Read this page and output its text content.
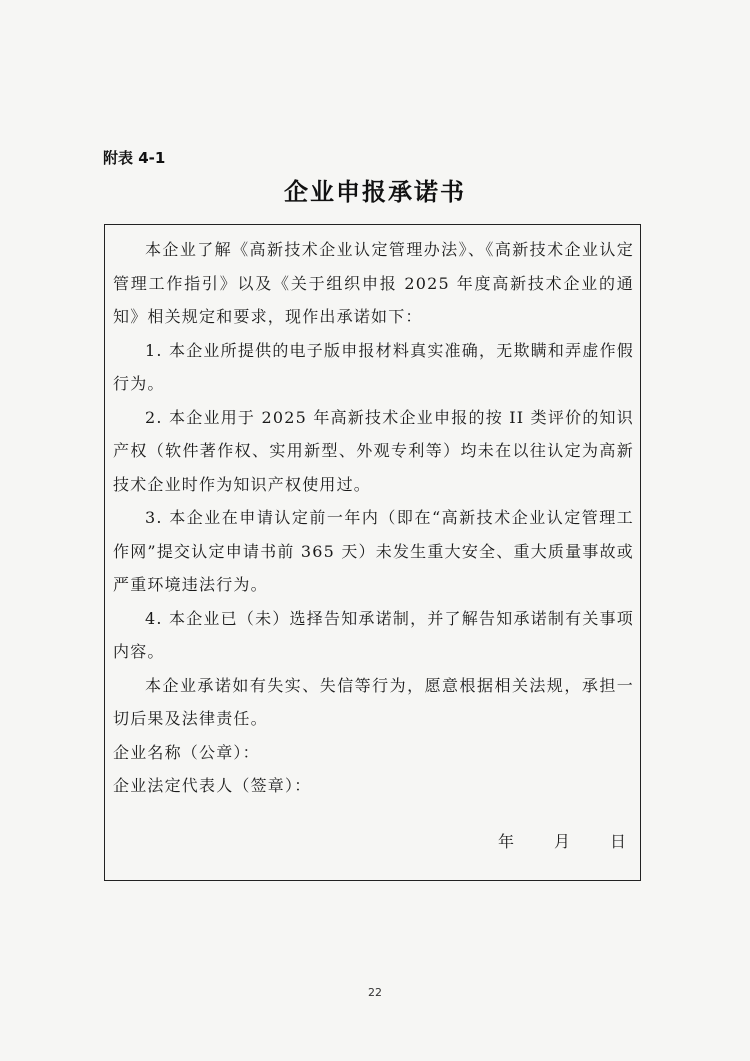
附表 4-1
企业申报承诺书

本企业了解《高新技术企业认定管理办法》、《高新技术企业认定管理工作指引》以及《关于组织申报 2025 年度高新技术企业的通知》相关规定和要求，现作出承诺如下：

1. 本企业所提供的电子版申报材料真实准确，无欺瞒和弄虚作假行为。

2. 本企业用于 2025 年高新技术企业申报的按 II 类评价的知识产权（软件著作权、实用新型、外观专利等）均未在以往认定为高新技术企业时作为知识产权使用过。

3. 本企业在申请认定前一年内（即在“高新技术企业认定管理工作网”提交认定申请书前 365 天）未发生重大安全、重大质量事故或严重环境违法行为。

4. 本企业已（未）选择告知承诺制，并了解告知承诺制有关事项内容。

本企业承诺如有失实、失信等行为，愿意根据相关法规，承担一切后果及法律责任。

企业名称（公章）：

企业法定代表人（签章）：

年	月	日
22
